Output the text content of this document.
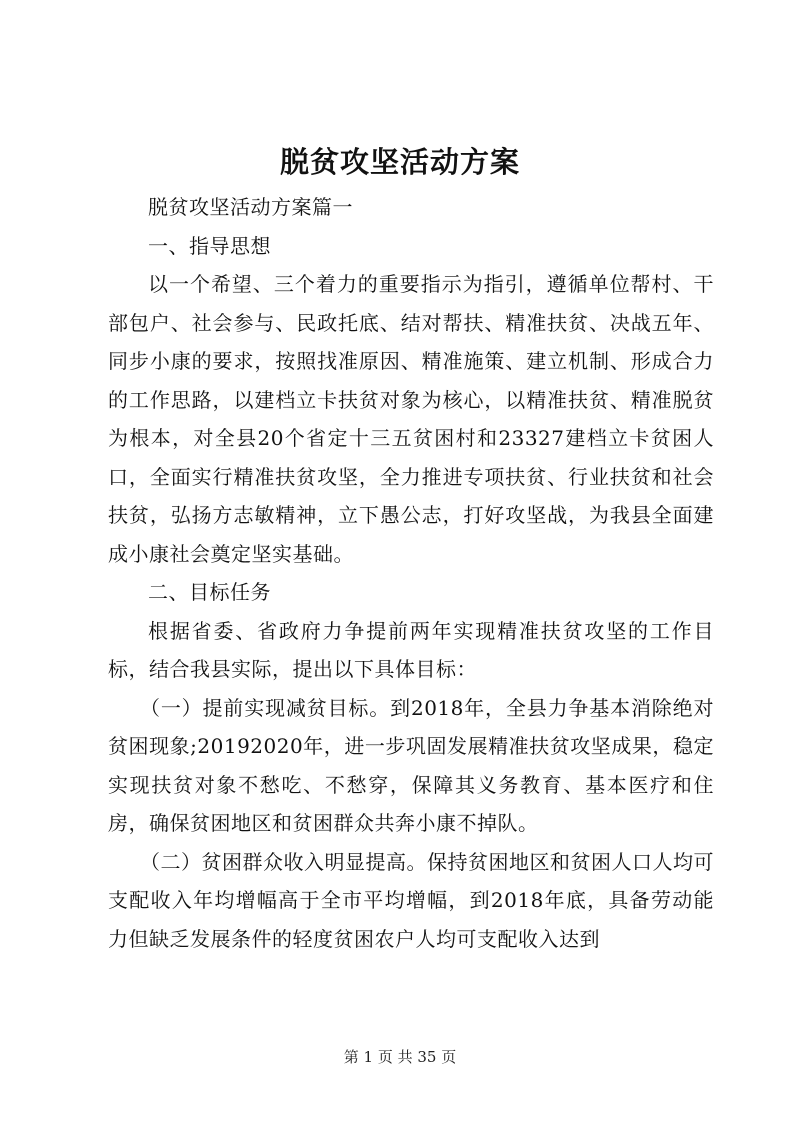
脱贫攻坚活动方案

脱贫攻坚活动方案篇一

一、指导思想

以一个希望、三个着力的重要指示为指引，遵循单位帮村、干部包户、社会参与、民政托底、结对帮扶、精准扶贫、决战五年、同步小康的要求，按照找准原因、精准施策、建立机制、形成合力的工作思路，以建档立卡扶贫对象为核心，以精准扶贫、精准脱贫为根本，对全县20个省定十三五贫困村和23327建档立卡贫困人口，全面实行精准扶贫攻坚，全力推进专项扶贫、行业扶贫和社会扶贫，弘扬方志敏精神，立下愚公志，打好攻坚战，为我县全面建成小康社会奠定坚实基础。

二、目标任务

根据省委、省政府力争提前两年实现精准扶贫攻坚的工作目标，结合我县实际，提出以下具体目标：

（一）提前实现减贫目标。到2018年，全县力争基本消除绝对贫困现象;20192020年，进一步巩固发展精准扶贫攻坚成果，稳定实现扶贫对象不愁吃、不愁穿，保障其义务教育、基本医疗和住房，确保贫困地区和贫困群众共奔小康不掉队。

（二）贫困群众收入明显提高。保持贫困地区和贫困人口人均可支配收入年均增幅高于全市平均增幅，到2018年底，具备劳动能力但缺乏发展条件的轻度贫困农户人均可支配收入达到

第 1 页 共 35 页
